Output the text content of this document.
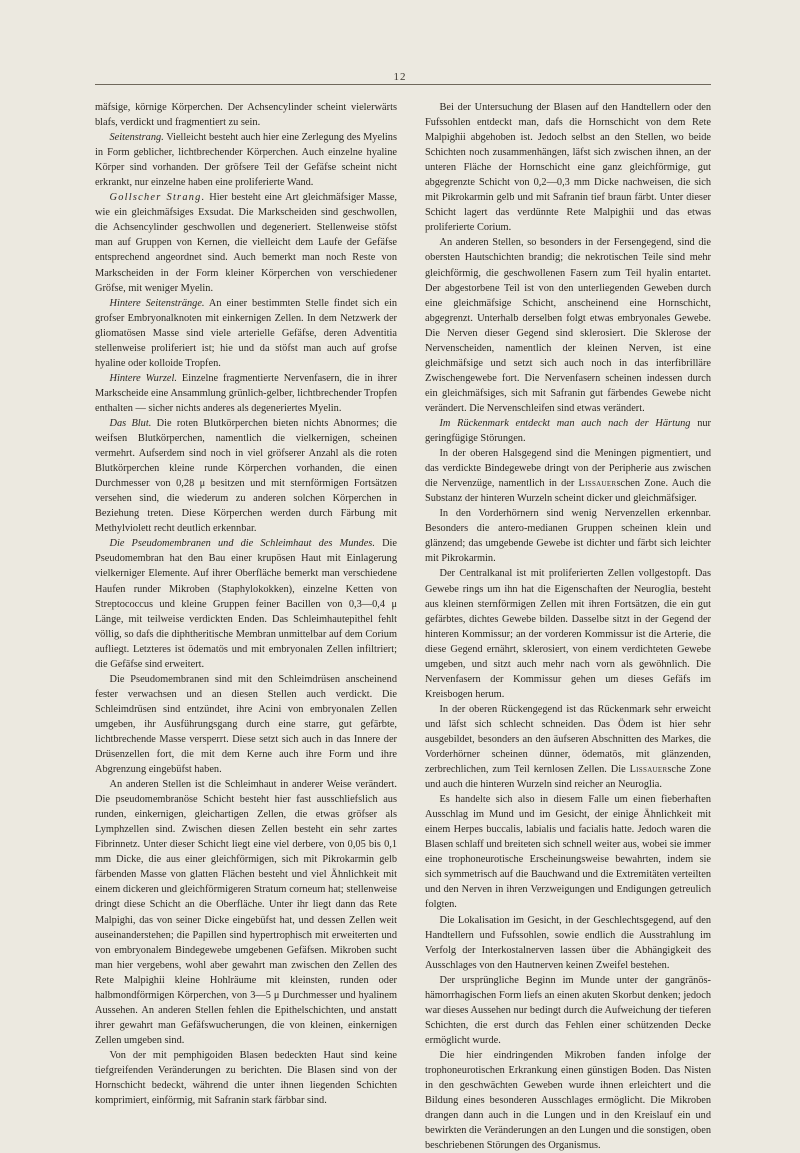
12

mäfsige, körnige Körperchen. Der Achsencylinder scheint vielerwärts blafs, verdickt und fragmentiert zu sein.

Seitenstrang. Vielleicht besteht auch hier eine Zerlegung des Myelins in Form geblicher, lichtbrechender Körperchen. Auch einzelne hyaline Körper sind vorhanden. Der gröfsere Teil der Gefäfse scheint nicht erkrankt, nur einzelne haben eine proliferierte Wand.

Gollscher Strang. Hier besteht eine Art gleichmäfsiger Masse, wie ein gleichmäfsiges Exsudat. Die Markscheiden sind geschwollen, die Achsencylinder geschwollen und degeneriert. Stellenweise stöfst man auf Gruppen von Kernen, die vielleicht dem Laufe der Gefäfse entsprechend angeordnet sind. Auch bemerkt man noch Reste von Markscheiden in der Form kleiner Körperchen von verschiedener Gröfse, mit weniger Myelin.

Hintere Seitenstränge. An einer bestimmten Stelle findet sich ein grofser Embryonalknoten mit einkernigen Zellen. In dem Netzwerk der gliomatösen Masse sind viele arterielle Gefäfse, deren Adventitia stellenweise proliferiert ist; hie und da stöfst man auch auf grofse hyaline oder kolloide Tropfen.

Hintere Wurzel. Einzelne fragmentierte Nervenfasern, die in ihrer Markscheide eine Ansammlung grünlich-gelber, lichtbrechender Tropfen enthalten — sicher nichts anderes als degeneriertes Myelin.

Das Blut. Die roten Blutkörperchen bieten nichts Abnormes; die weifsen Blutkörperchen, namentlich die vielkernigen, scheinen vermehrt. Aufserdem sind noch in viel gröfserer Anzahl als die roten Blutkörperchen kleine runde Körperchen vorhanden, die einen Durchmesser von 0,28 μ besitzen und mit sternförmigen Fortsätzen versehen sind, die wiederum zu anderen solchen Körperchen in Beziehung treten. Diese Körperchen werden durch Färbung mit Methylviolett recht deutlich erkennbar.

Die Pseudomembranen und die Schleimhaut des Mundes. Die Pseudomembran hat den Bau einer krupösen Haut mit Einlagerung vielkerniger Elemente. Auf ihrer Oberfläche bemerkt man verschiedene Haufen runder Mikroben (Staphylokokken), einzelne Ketten von Streptococcus und kleine Gruppen feiner Bacillen von 0,3—0,4 μ Länge, mit teilweise verdickten Enden. Das Schleimhautepithel fehlt völlig, so dafs die diphtheritische Membran unmittelbar auf dem Corium aufliegt. Letzteres ist ödematös und mit embryonalen Zellen infiltriert; die Gefäfse sind erweitert.

Die Pseudomembranen sind mit den Schleimdrüsen anscheinend fester verwachsen und an diesen Stellen auch verdickt. Die Schleimdrüsen sind entzündet, ihre Acini von embryonalen Zellen umgeben, ihr Ausführungsgang durch eine starre, gut gefärbte, lichtbrechende Masse versperrt. Diese setzt sich auch in das Innere der Drüsenzellen fort, die mit dem Kerne auch ihre Form und ihre Abgrenzung eingebüfst haben.

An anderen Stellen ist die Schleimhaut in anderer Weise verändert. Die pseudomembranöse Schicht besteht hier fast ausschliefslich aus runden, einkernigen, gleichartigen Zellen, die etwas gröfser als Lymphzellen sind. Zwischen diesen Zellen besteht ein sehr zartes Fibrinnetz. Unter dieser Schicht liegt eine viel derbere, von 0,05 bis 0,1 mm Dicke, die aus einer gleichförmigen, sich mit Pikrokarmin gelb färbenden Masse von glatten Flächen besteht und viel Ähnlichkeit mit einem dickeren und gleichförmigeren Stratum corneum hat; stellenweise dringt diese Schicht an die Oberfläche. Unter ihr liegt dann das Rete Malpighi, das von seiner Dicke eingebüfst hat, und dessen Zellen weit auseinanderstehen; die Papillen sind hypertrophisch mit erweiterten und von embryonalem Bindegewebe umgebenen Gefäfsen. Mikroben sucht man hier vergebens, wohl aber gewahrt man zwischen den Zellen des Rete Malpighii kleine Hohlräume mit kleinsten, runden oder halbmondförmigen Körperchen, von 3—5 μ Durchmesser und hyalinem Aussehen. An anderen Stellen fehlen die Epithelschichten, und anstatt ihrer gewahrt man Gefäfswucherungen, die von kleinen, einkernigen Zellen umgeben sind.

Von der mit pemphigoiden Blasen bedeckten Haut sind keine tiefgreifenden Veränderungen zu berichten. Die Blasen sind von der Hornschicht bedeckt, während die unter ihnen liegenden Schichten komprimiert, einförmig, mit Safranin stark färbbar sind.

Bei der Untersuchung der Blasen auf den Handtellern oder den Fufssohlen entdeckt man, dafs die Hornschicht von dem Rete Malpighii abgehoben ist. Jedoch selbst an den Stellen, wo beide Schichten noch zusammenhängen, läfst sich zwischen ihnen, an der unteren Fläche der Hornschicht eine ganz gleichförmige, gut abgegrenzte Schicht von 0,2—0,3 mm Dicke nachweisen, die sich mit Pikrokarmin gelb und mit Safranin tief braun färbt. Unter dieser Schicht lagert das verdünnte Rete Malpighii und das etwas proliferierte Corium.

An anderen Stellen, so besonders in der Fersengegend, sind die obersten Hautschichten brandig; die nekrotischen Teile sind mehr gleichförmig, die geschwollenen Fasern zum Teil hyalin entartet. Der abgestorbene Teil ist von den unterliegenden Geweben durch eine gleichmäfsige Schicht, anscheinend eine Hornschicht, abgegrenzt. Unterhalb derselben folgt etwas embryonales Gewebe. Die Nerven dieser Gegend sind sklerosiert. Die Sklerose der Nervenscheiden, namentlich der kleinen Nerven, ist eine gleichmäfsige und setzt sich auch noch in das interfibrilläre Zwischengewebe fort. Die Nervenfasern scheinen indessen durch ein gleichmäfsiges, sich mit Safranin gut färbendes Gewebe nicht verändert. Die Nervenschleifen sind etwas verändert.

Im Rückenmark entdeckt man auch nach der Härtung nur geringfügige Störungen.

In der oberen Halsgegend sind die Meningen pigmentiert, und das verdickte Bindegewebe dringt von der Peripherie aus zwischen die Nervenzüge, namentlich in der Lissauerschen Zone. Auch die Substanz der hinteren Wurzeln scheint dicker und gleichmäfsiger.

In den Vorderhörnern sind wenig Nervenzellen erkennbar. Besonders die antero-medianen Gruppen scheinen klein und glänzend; das umgebende Gewebe ist dichter und färbt sich leichter mit Pikrokarmin.

Der Centralkanal ist mit proliferierten Zellen vollgestopft. Das Gewebe rings um ihn hat die Eigenschaften der Neuroglia, besteht aus kleinen sternförmigen Zellen mit ihren Fortsätzen, die ein gut gefärbtes, dichtes Gewebe bilden. Dasselbe sitzt in der Gegend der hinteren Kommissur; an der vorderen Kommissur ist die Arterie, die diese Gegend ernährt, sklerosiert, von einem verdichteten Gewebe umgeben, und sitzt auch mehr nach vorn als gewöhnlich. Die Nervenfasern der Kommissur gehen um dieses Gefäfs im Kreisbogen herum.

In der oberen Rückengegend ist das Rückenmark sehr erweicht und läfst sich schlecht schneiden. Das Ödem ist hier sehr ausgebildet, besonders an den äufseren Abschnitten des Markes, die Vorderhörner scheinen dünner, ödematös, mit glänzenden, zerbrechlichen, zum Teil kernlosen Zellen. Die Lissauersche Zone und auch die hinteren Wurzeln sind reicher an Neuroglia.

Es handelte sich also in diesem Falle um einen fieberhaften Ausschlag im Mund und im Gesicht, der einige Ähnlichkeit mit einem Herpes buccalis, labialis und facialis hatte. Jedoch waren die Blasen schlaff und breiteten sich schnell weiter aus, wobei sie immer eine trophoneurotische Erscheinungsweise bewahrten, indem sie sich symmetrisch auf die Bauchwand und die Extremitäten verteilten und den Nerven in ihren Verzweigungen und Endigungen getreulich folgten.

Die Lokalisation im Gesicht, in der Geschlechtsgegend, auf den Handtellern und Fufssohlen, sowie endlich die Ausstrahlung im Verfolg der Interkostalnerven lassen über die Abhängigkeit des Ausschlages von den Hautnerven keinen Zweifel bestehen.

Der ursprüngliche Beginn im Munde unter der gangränös-hämorrhagischen Form liefs an einen akuten Skorbut denken; jedoch war dieses Aussehen nur bedingt durch die Aufweichung der tieferen Schichten, die erst durch das Fehlen einer schützenden Decke ermöglicht wurde.

Die hier eindringenden Mikroben fanden infolge der trophoneurotischen Erkrankung einen günstigen Boden. Das Nisten in den geschwächten Geweben wurde ihnen erleichtert und die Bildung eines besonderen Ausschlages ermöglicht. Die Mikroben drangen dann auch in die Lungen und in den Kreislauf ein und bewirkten die Veränderungen an den Lungen und die sonstigen, oben beschriebenen Störungen des Organismus.
